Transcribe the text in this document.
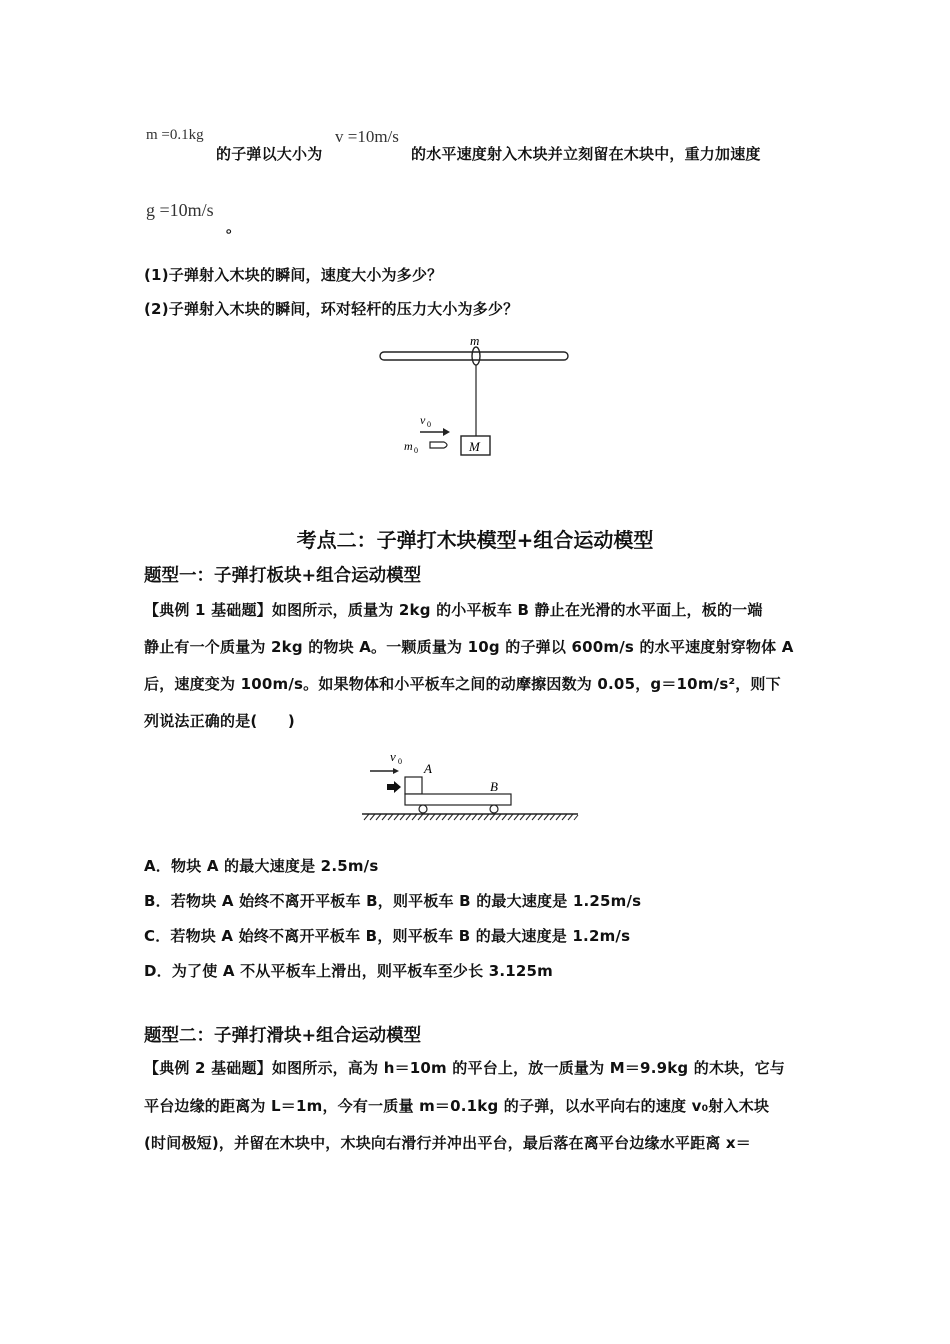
m =0.1kg
的子弹以大小为
v =10m/s
的水平速度射入木块并立刻留在木块中，重力加速度
g =10m/s
。
(1)子弹射入木块的瞬间，速度大小为多少？
(2)子弹射入木块的瞬间，环对轻杆的压力大小为多少？
m
M
v 0
m 0
考点二：子弹打木块模型+组合运动模型
题型一：子弹打板块+组合运动模型
【典例 1 基础题】如图所示，质量为 2kg 的小平板车 B 静止在光滑的水平面上，板的一端
静止有一个质量为 2kg 的物块 A。一颗质量为 10g 的子弹以 600m/s 的水平速度射穿物体 A
后，速度变为 100m/s。如果物体和小平板车之间的动摩擦因数为 0.05，g＝10m/s²，则下
列说法正确的是(　　)
v 0 A
B
A．物块 A 的最大速度是 2.5m/s
B．若物块 A 始终不离开平板车 B，则平板车 B 的最大速度是 1.25m/s
C．若物块 A 始终不离开平板车 B，则平板车 B 的最大速度是 1.2m/s
D．为了使 A 不从平板车上滑出，则平板车至少长 3.125m
题型二：子弹打滑块+组合运动模型
【典例 2 基础题】如图所示，高为 h＝10m 的平台上，放一质量为 M＝9.9kg 的木块，它与
平台边缘的距离为 L＝1m，今有一质量 m＝0.1kg 的子弹，以水平向右的速度 v₀射入木块
(时间极短)，并留在木块中，木块向右滑行并冲出平台，最后落在离平台边缘水平距离 x＝
